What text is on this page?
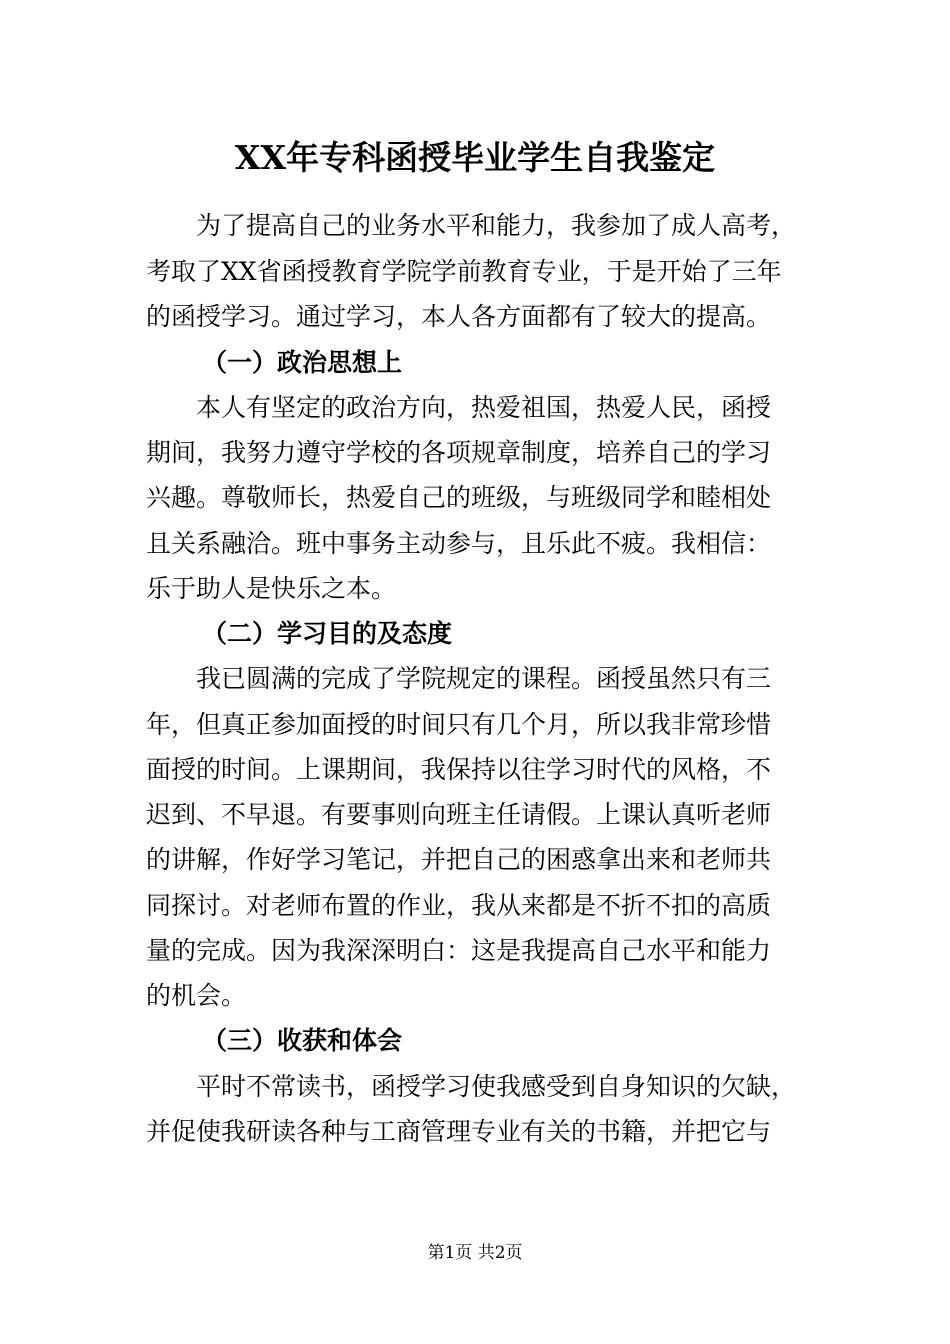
XX年专科函授毕业学生自我鉴定

为了提高自己的业务水平和能力，我参加了成人高考，

考取了XX省函授教育学院学前教育专业，于是开始了三年

的函授学习。通过学习，本人各方面都有了较大的提高。

（一）政治思想上

本人有坚定的政治方向，热爱祖国，热爱人民，函授

期间，我努力遵守学校的各项规章制度，培养自己的学习

兴趣。尊敬师长，热爱自己的班级，与班级同学和睦相处

且关系融洽。班中事务主动参与，且乐此不疲。我相信：

乐于助人是快乐之本。

（二）学习目的及态度

我已圆满的完成了学院规定的课程。函授虽然只有三

年，但真正参加面授的时间只有几个月，所以我非常珍惜

面授的时间。上课期间，我保持以往学习时代的风格，不

迟到、不早退。有要事则向班主任请假。上课认真听老师

的讲解，作好学习笔记，并把自己的困惑拿出来和老师共

同探讨。对老师布置的作业，我从来都是不折不扣的高质

量的完成。因为我深深明白：这是我提高自己水平和能力

的机会。

（三）收获和体会

平时不常读书，函授学习使我感受到自身知识的欠缺，

并促使我研读各种与工商管理专业有关的书籍，并把它与

第1页 共2页
